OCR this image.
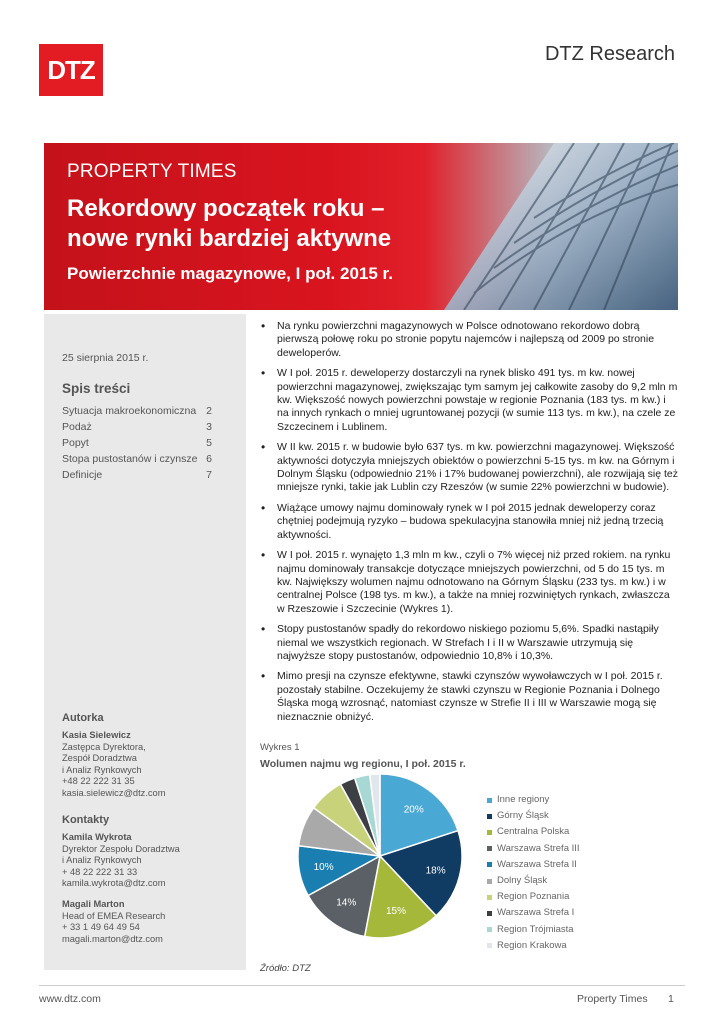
DTZ
DTZ Research
PROPERTY TIMES
Rekordowy początek roku –
nowe rynki bardziej aktywne
Powierzchnie magazynowe, I poł. 2015 r.
25 sierpnia 2015 r.
Spis treści
Sytuacja makroekonomiczna 2
Podaż	3
Popyt	5
Stopa pustostanów i czynsze 6
Definicje	7
Autorka
Kasia Sielewicz
Zastępca Dyrektora,
Zespół Doradztwa
i Analiz Rynkowych
+48 22 222 31 35
kasia.sielewicz@dtz.com
Kontakty
Kamila Wykrota
Dyrektor Zespołu Doradztwa
i Analiz Rynkowych
+ 48 22 222 31 33
kamila.wykrota@dtz.com
Magali Marton
Head of EMEA Research
+ 33 1 49 64 49 54
magali.marton@dtz.com
• Na rynku powierzchni magazynowych w Polsce odnotowano rekordowo dobrą pierwszą połowę roku po stronie popytu najemców i najlepszą od 2009 po stronie deweloperów.
• W I poł. 2015 r. deweloperzy dostarczyli na rynek blisko 491 tys. m kw. nowej powierzchni magazynowej, zwiększając tym samym jej całkowite zasoby do 9,2 mln m kw. Większość nowych powierzchni powstaje w regionie Poznania (183 tys. m kw.) i na innych rynkach o mniej ugruntowanej pozycji (w sumie 113 tys. m kw.), na czele ze Szczecinem i Lublinem.
• W II kw. 2015 r. w budowie było 637 tys. m kw. powierzchni magazynowej. Większość aktywności dotyczyła mniejszych obiektów o powierzchni 5-15 tys. m kw. na Górnym i Dolnym Śląsku (odpowiednio 21% i 17% budowanej powierzchni), ale rozwijają się też mniejsze rynki, takie jak Lublin czy Rzeszów (w sumie 22% powierzchni w budowie).
• Wiążące umowy najmu dominowały rynek w I poł 2015 jednak deweloperzy coraz chętniej podejmują ryzyko – budowa spekulacyjna stanowiła mniej niż jedną trzecią aktywności.
• W I poł. 2015 r. wynajęto 1,3 mln m kw., czyli o 7% więcej niż przed rokiem. na rynku najmu dominowały transakcje dotyczące mniejszych powierzchni, od 5 do 15 tys. m kw. Największy wolumen najmu odnotowano na Górnym Śląsku (233 tys. m kw.) i w centralnej Polsce (198 tys. m kw.), a także na mniej rozwiniętych rynkach, zwłaszcza w Rzeszowie i Szczecinie (Wykres 1).
• Stopy pustostanów spadły do rekordowo niskiego poziomu 5,6%. Spadki nastąpiły niemal we wszystkich regionach. W Strefach I i II w Warszawie utrzymują się najwyższe stopy pustostanów, odpowiednio 10,8% i 10,3%.
• Mimo presji na czynsze efektywne, stawki czynszów wywoławczych w I poł. 2015 r. pozostały stabilne. Oczekujemy że stawki czynszu w Regionie Poznania i Dolnego Śląska mogą wzrosnąć, natomiast czynsze w Strefie II i III w Warszawie mogą się nieznacznie obniżyć.
Wykres 1
Wolumen najmu wg regionu, I poł. 2015 r.
20%
18%
15%
14%
10%
Inne regiony
Górny Śląsk
Centralna Polska
Warszawa Strefa III
Warszawa Strefa II
Dolny Śląsk
Region Poznania
Warszawa Strefa I
Region Trójmiasta
Region Krakowa
Źródło: DTZ
www.dtz.com	Property Times 1
